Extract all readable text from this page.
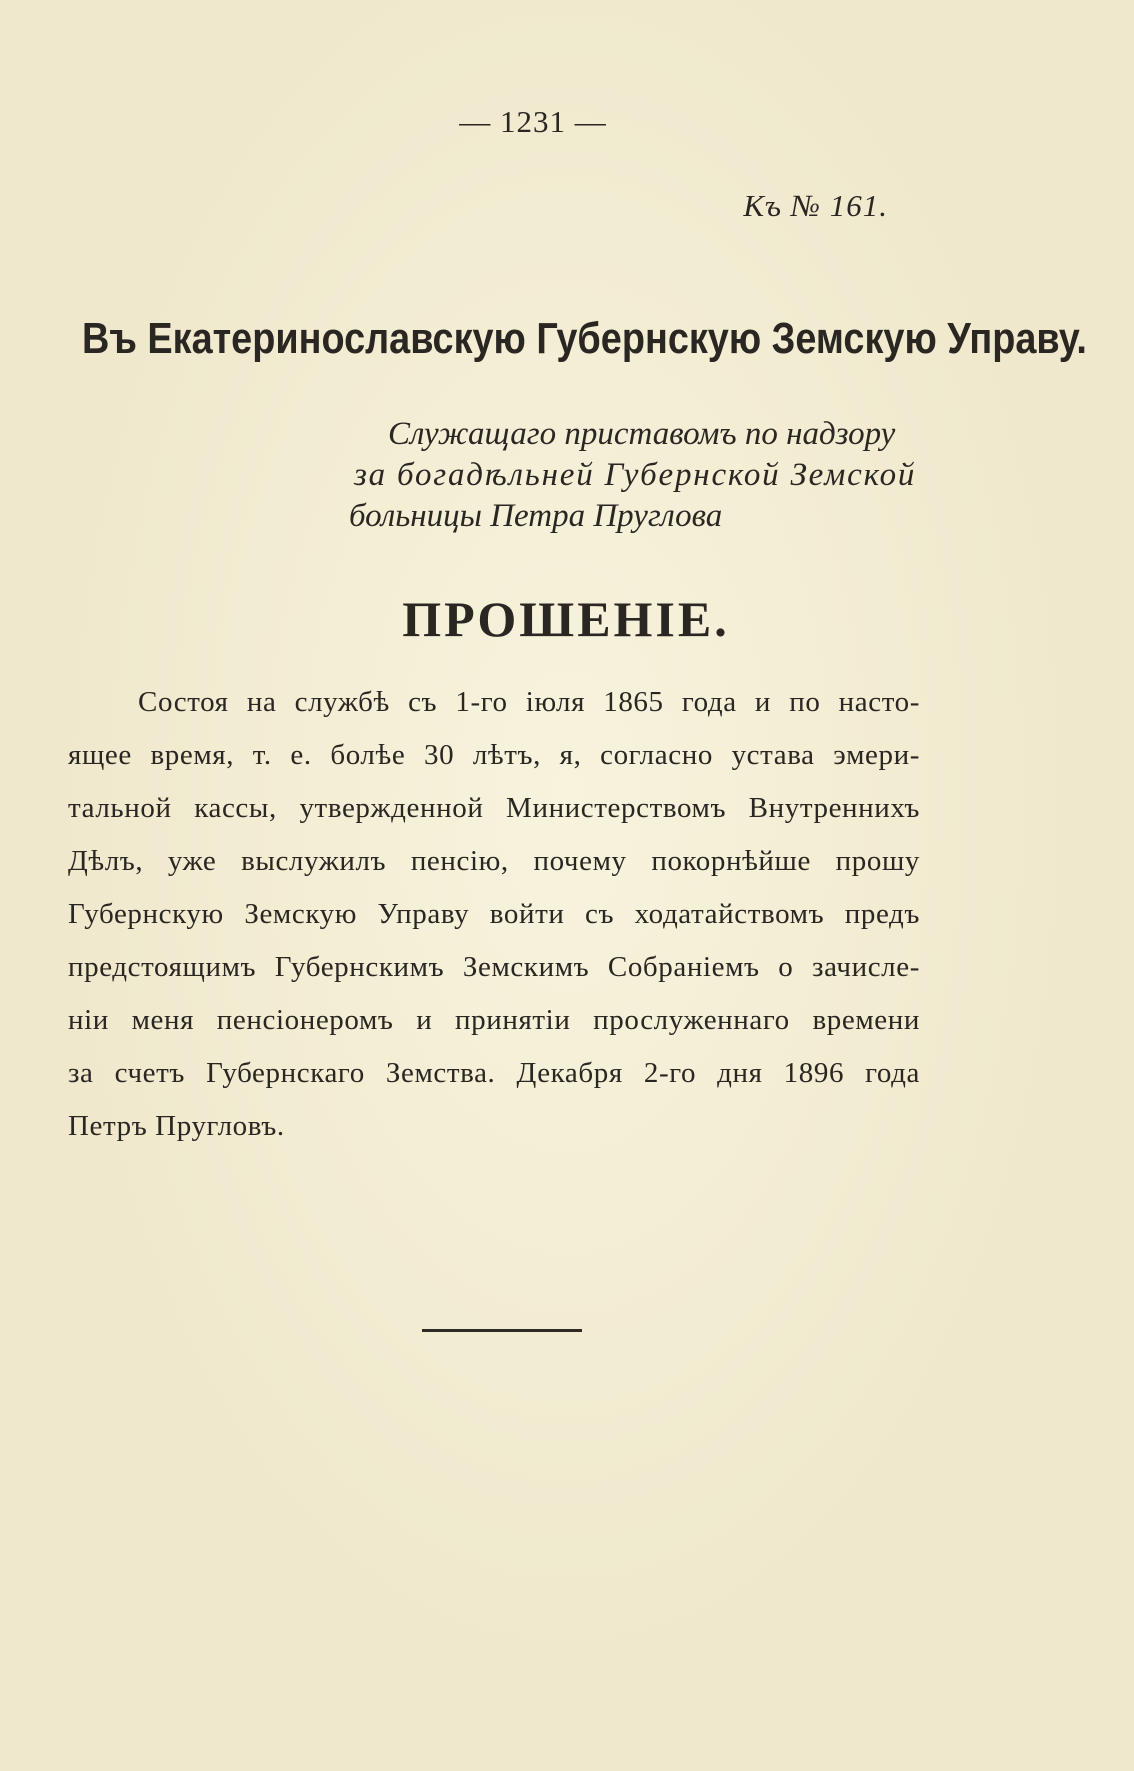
— 1231 —
Къ № 161.
Въ Екатеринославскую Губернскую Земскую Управу.
Служащаго приставомъ по надзору
за богадѣльней Губернской Земской
больницы Петра Пруглова
ПРОШЕНІЕ.
Состоя на службѣ съ 1-го іюля 1865 года и по насто-
ящее время, т. е. болѣе 30 лѣтъ, я, согласно устава эмери-
тальной кассы, утвержденной Министерствомъ Внутреннихъ
Дѣлъ, уже выслужилъ пенсію, почему покорнѣйше прошу
Губернскую Земскую Управу войти съ ходатайствомъ предъ
предстоящимъ Губернскимъ Земскимъ Собраніемъ о зачисле-
ніи меня пенсіонеромъ и принятіи прослуженнаго времени
за счетъ Губернскаго Земства. Декабря 2-го дня 1896 года
Петръ Пругловъ.
